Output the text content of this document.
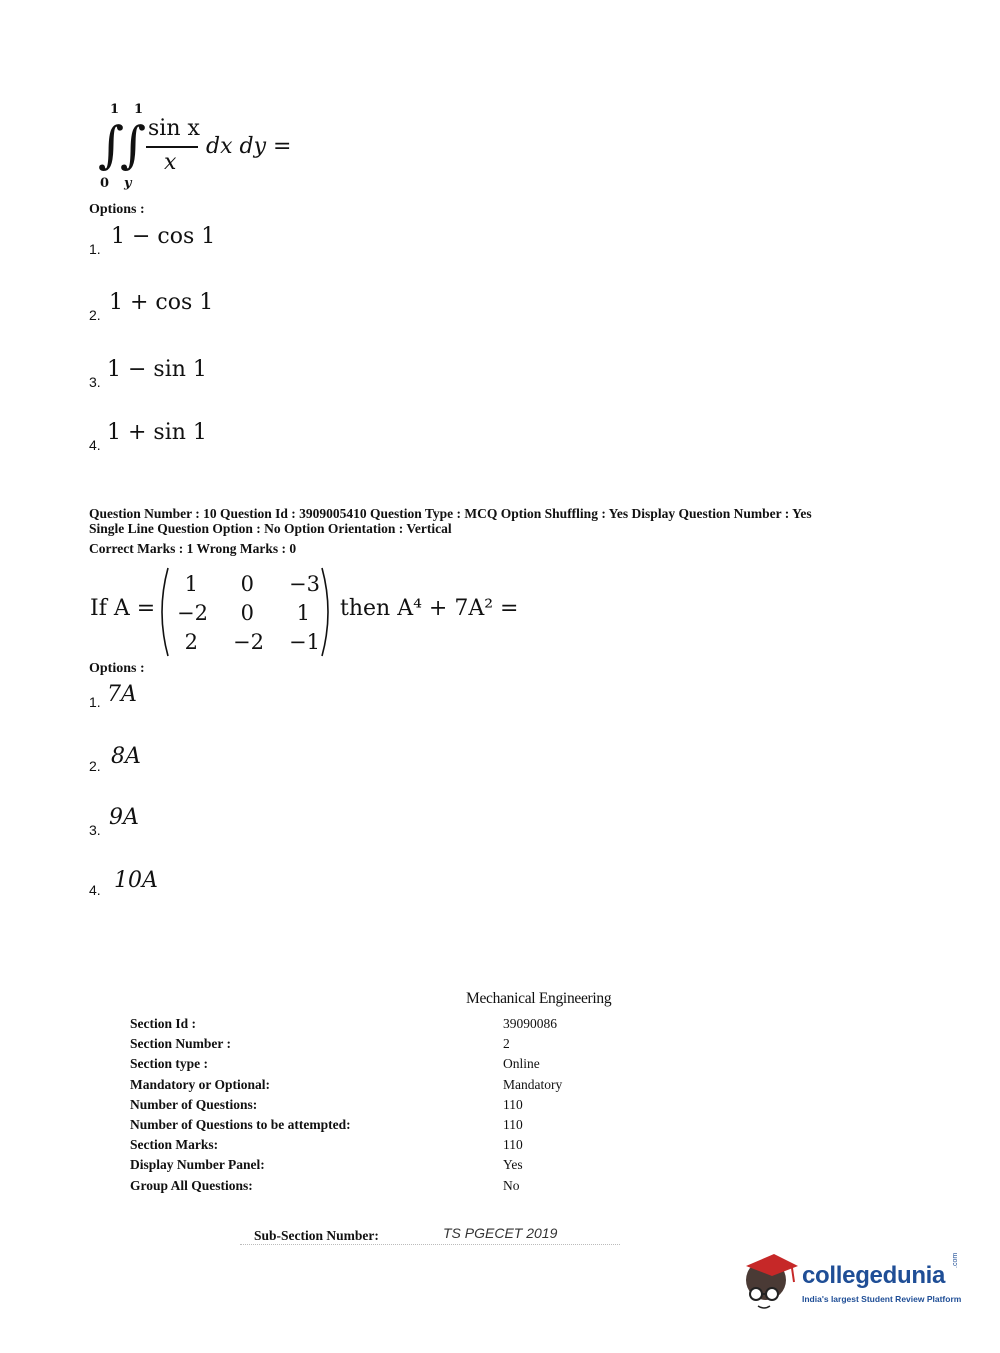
1 1
∫
∫
0 y
sin x
x
dx dy =
Options :
1. 1 − cos 1
2. 1 + cos 1
3. 1 − sin 1
4. 1 + sin 1
Question Number : 10 Question Id : 3909005410 Question Type : MCQ Option Shuffling : Yes Display Question Number : Yes
Single Line Question Option : No Option Orientation : Vertical
Correct Marks : 1 Wrong Marks : 0
If A =
1	0	−3
−2	0	1
2	−2	−1
then A⁴ + 7A² =
Options :
1. 7A
2. 8A
3. 9A
4. 10A
Mechanical Engineering
Section Id :	39090086
Section Number :	2
Section type :	Online
Mandatory or Optional:	Mandatory
Number of Questions:	110
Number of Questions to be attempted:	110
Section Marks:	110
Display Number Panel:	Yes
Group All Questions:	No
Sub-Section Number:	TS PGECET 2019
collegedunia
.com
India's largest Student Review Platform
